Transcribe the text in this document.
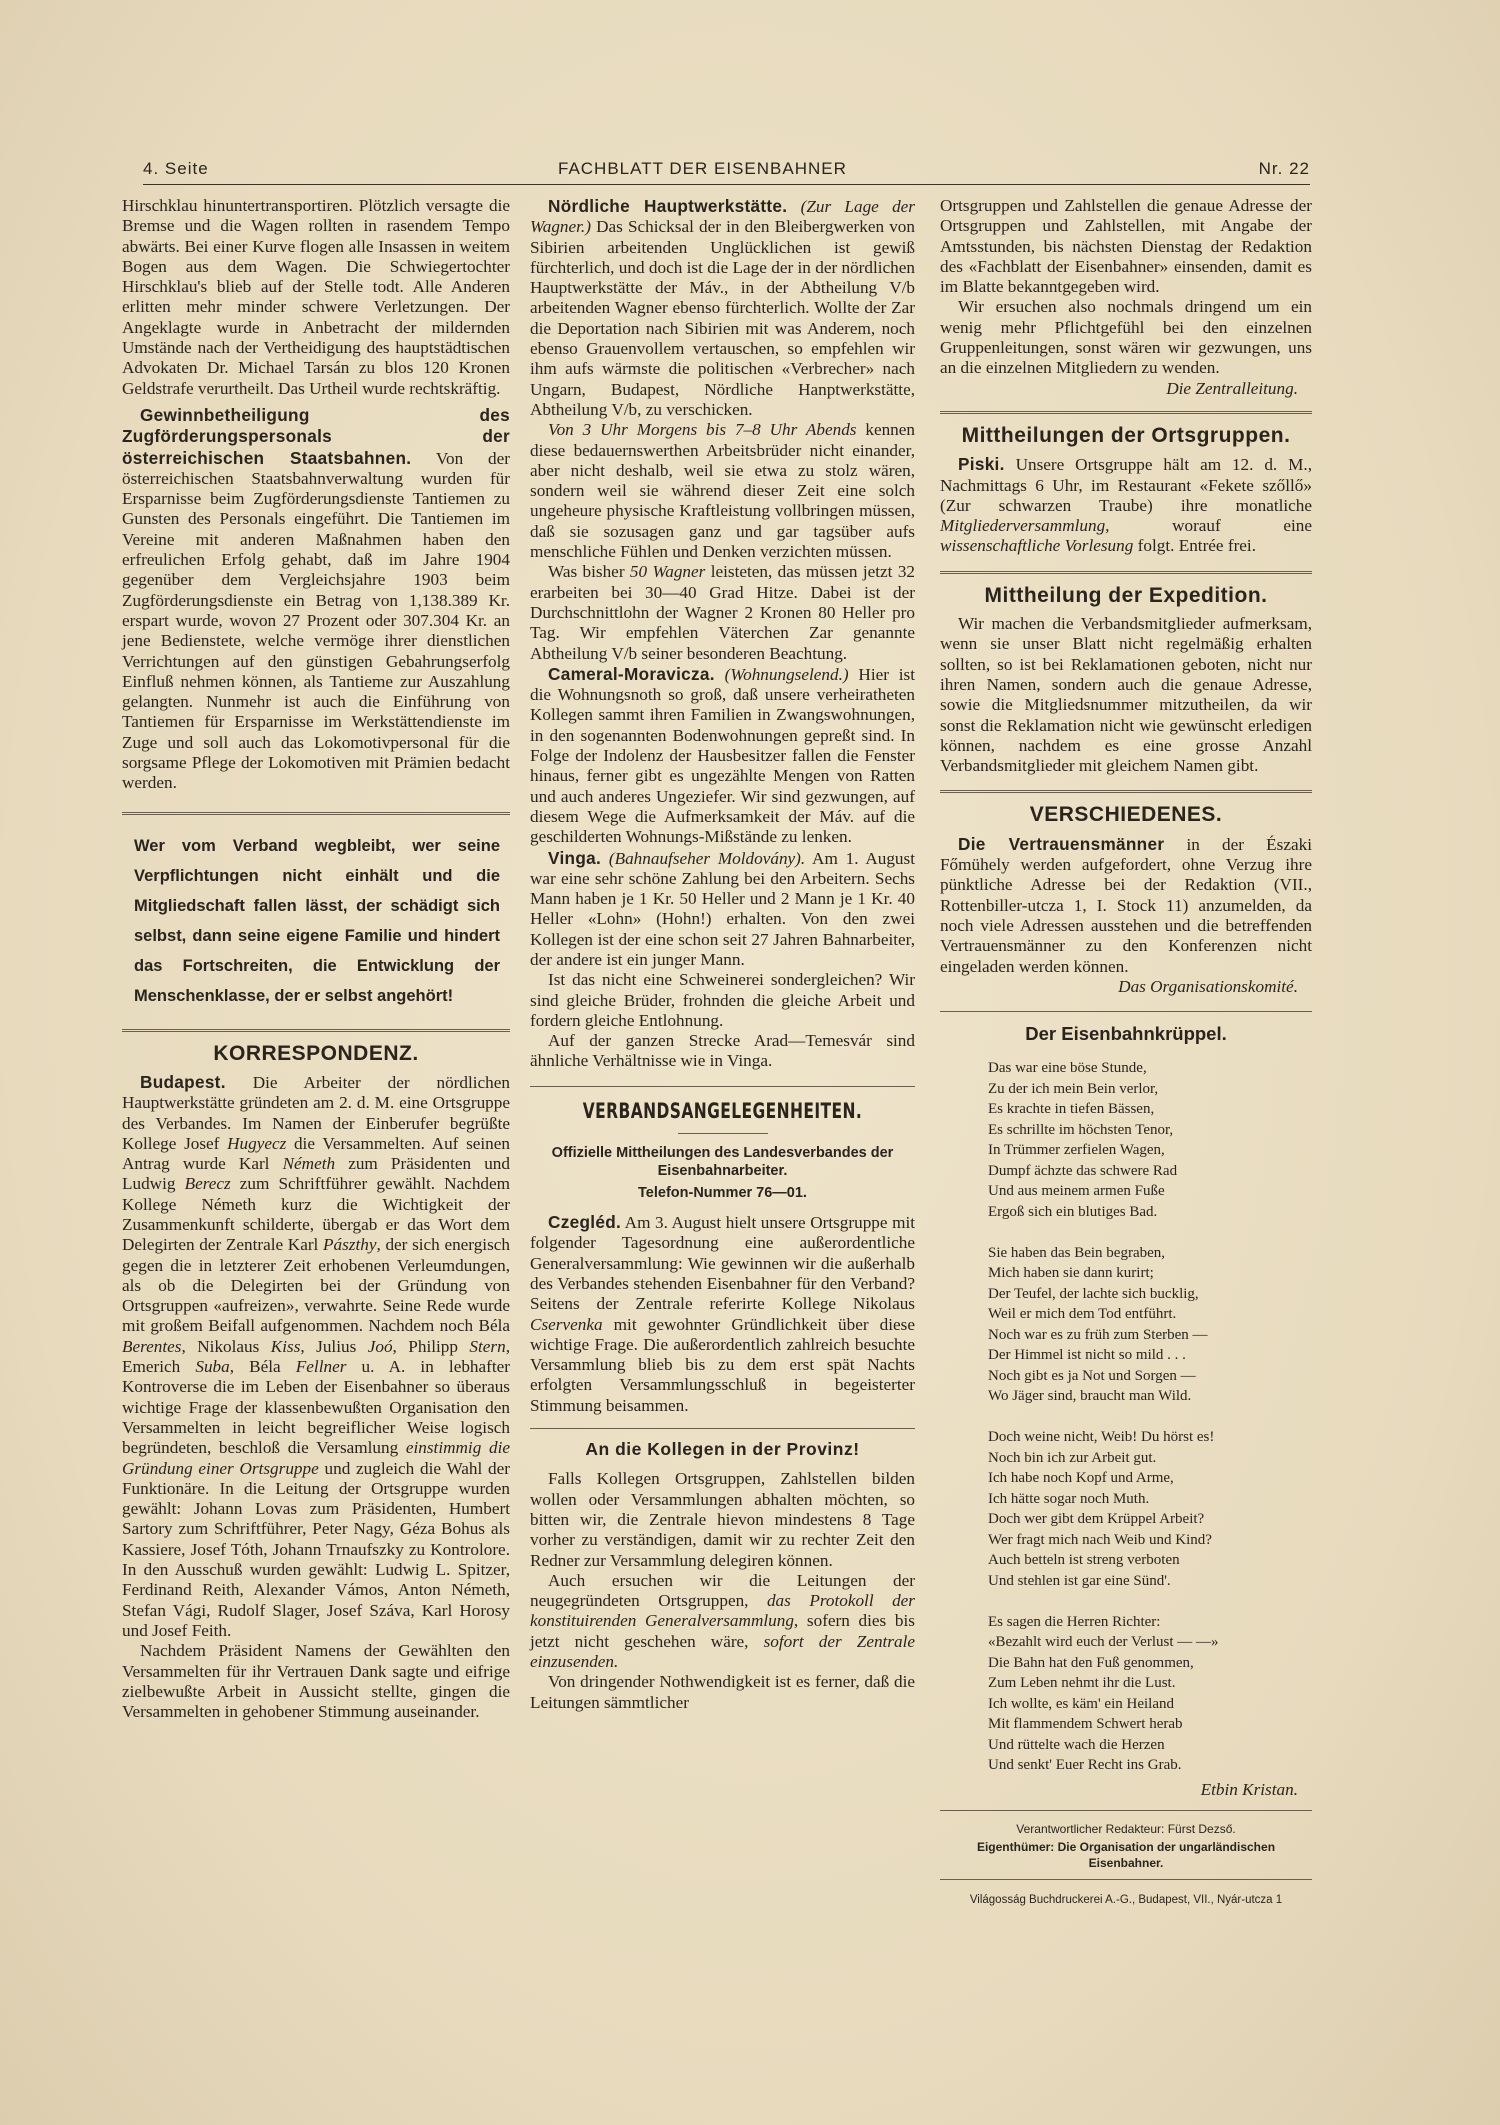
4. Seite	FACHBLATT DER EISENBAHNER	Nr. 22

Hirschklau hinuntertransportiren. Plötzlich versagte die Bremse und die Wagen rollten in rasendem Tempo abwärts. Bei einer Kurve flogen alle Insassen in weitem Bogen aus dem Wagen. Die Schwiegertochter Hirschklau's blieb auf der Stelle todt. Alle Anderen erlitten mehr minder schwere Verletzungen. Der Angeklagte wurde in Anbetracht der mildernden Umstände nach der Vertheidigung des hauptstädtischen Advokaten Dr. Michael Tarsán zu blos 120 Kronen Geldstrafe verurtheilt. Das Urtheil wurde rechtskräftig.

Gewinnbetheiligung des Zugförderungspersonals der österreichischen Staatsbahnen. Von der österreichischen Staatsbahnverwaltung wurden für Ersparnisse beim Zugförderungsdienste Tantiemen zu Gunsten des Personals eingeführt. Die Tantiemen im Vereine mit anderen Maßnahmen haben den erfreulichen Erfolg gehabt, daß im Jahre 1904 gegenüber dem Vergleichsjahre 1903 beim Zugförderungsdienste ein Betrag von 1,138.389 Kr. erspart wurde, wovon 27 Prozent oder 307.304 Kr. an jene Bedienstete, welche vermöge ihrer dienstlichen Verrichtungen auf den günstigen Gebahrungserfolg Einfluß nehmen können, als Tantieme zur Auszahlung gelangten. Nunmehr ist auch die Einführung von Tantiemen für Ersparnisse im Werkstättendienste im Zuge und soll auch das Lokomotivpersonal für die sorgsame Pflege der Lokomotiven mit Prämien bedacht werden.

Wer vom Verband wegbleibt, wer seine Verpflichtungen nicht einhält und die Mitgliedschaft fallen lässt, der schädigt sich selbst, dann seine eigene Familie und hindert das Fortschreiten, die Entwicklung der Menschenklasse, der er selbst angehört!
KORRESPONDENZ.

Budapest. Die Arbeiter der nördlichen Hauptwerkstätte gründeten am 2. d. M. eine Ortsgruppe des Verbandes. Im Namen der Einberufer begrüßte Kollege Josef Hugyecz die Versammelten. Auf seinen Antrag wurde Karl Németh zum Präsidenten und Ludwig Berecz zum Schriftführer gewählt. Nachdem Kollege Németh kurz die Wichtigkeit der Zusammenkunft schilderte, übergab er das Wort dem Delegirten der Zentrale Karl Pászthy, der sich energisch gegen die in letzterer Zeit erhobenen Verleumdungen, als ob die Delegirten bei der Gründung von Ortsgruppen «aufreizen», verwahrte. Seine Rede wurde mit großem Beifall aufgenommen. Nachdem noch Béla Berentes, Nikolaus Kiss, Julius Joó, Philipp Stern, Emerich Suba, Béla Fellner u. A. in lebhafter Kontroverse die im Leben der Eisenbahner so überaus wichtige Frage der klassenbewußten Organisation den Versammelten in leicht begreiflicher Weise logisch begründeten, beschloß die Versamlung einstimmig die Gründung einer Ortsgruppe und zugleich die Wahl der Funktionäre. In die Leitung der Ortsgruppe wurden gewählt: Johann Lovas zum Präsidenten, Humbert Sartory zum Schriftführer, Peter Nagy, Géza Bohus als Kassiere, Josef Tóth, Johann Trnaufszky zu Kontrolore. In den Ausschuß wurden gewählt: Ludwig L. Spitzer, Ferdinand Reith, Alexander Vámos, Anton Németh, Stefan Vági, Rudolf Slager, Josef Száva, Karl Horosy und Josef Feith.

Nachdem Präsident Namens der Gewählten den Versammelten für ihr Vertrauen Dank sagte und eifrige zielbewußte Arbeit in Aussicht stellte, gingen die Versammelten in gehobener Stimmung auseinander.

Nördliche Hauptwerkstätte. (Zur Lage der Wagner.) Das Schicksal der in den Bleibergwerken von Sibirien arbeitenden Unglücklichen ist gewiß fürchterlich, und doch ist die Lage der in der nördlichen Hauptwerkstätte der Máv., in der Abtheilung V/b arbeitenden Wagner ebenso fürchterlich. Wollte der Zar die Deportation nach Sibirien mit was Anderem, noch ebenso Grauenvollem vertauschen, so empfehlen wir ihm aufs wärmste die politischen «Verbrecher» nach Ungarn, Budapest, Nördliche Hanptwerkstätte, Abtheilung V/b, zu verschicken.

Von 3 Uhr Morgens bis 7–8 Uhr Abends kennen diese bedauernswerthen Arbeitsbrüder nicht einander, aber nicht deshalb, weil sie etwa zu stolz wären, sondern weil sie während dieser Zeit eine solch ungeheure physische Kraftleistung vollbringen müssen, daß sie sozusagen ganz und gar tagsüber aufs menschliche Fühlen und Denken verzichten müssen.

Was bisher 50 Wagner leisteten, das müssen jetzt 32 erarbeiten bei 30—40 Grad Hitze. Dabei ist der Durchschnittlohn der Wagner 2 Kronen 80 Heller pro Tag. Wir empfehlen Väterchen Zar genannte Abtheilung V/b seiner besonderen Beachtung.

Cameral-Moravicza. (Wohnungselend.) Hier ist die Wohnungsnoth so groß, daß unsere verheiratheten Kollegen sammt ihren Familien in Zwangswohnungen, in den sogenannten Bodenwohnungen gepreßt sind. In Folge der Indolenz der Hausbesitzer fallen die Fenster hinaus, ferner gibt es ungezählte Mengen von Ratten und auch anderes Ungeziefer. Wir sind gezwungen, auf diesem Wege die Aufmerksamkeit der Máv. auf die geschilderten Wohnungs-Mißstände zu lenken.

Vinga. (Bahnaufseher Moldovány). Am 1. August war eine sehr schöne Zahlung bei den Arbeitern. Sechs Mann haben je 1 Kr. 50 Heller und 2 Mann je 1 Kr. 40 Heller «Lohn» (Hohn!) erhalten. Von den zwei Kollegen ist der eine schon seit 27 Jahren Bahnarbeiter, der andere ist ein junger Mann.

Ist das nicht eine Schweinerei sondergleichen? Wir sind gleiche Brüder, frohnden die gleiche Arbeit und fordern gleiche Entlohnung.

Auf der ganzen Strecke Arad—Temesvár sind ähnliche Verhältnisse wie in Vinga.

VERBANDSANGELEGENHEITEN.
Offizielle Mittheilungen des Landesverbandes der Eisenbahnarbeiter.
Telefon-Nummer 76—01.

Czegléd. Am 3. August hielt unsere Ortsgruppe mit folgender Tagesordnung eine außerordentliche Generalversammlung: Wie gewinnen wir die außerhalb des Verbandes stehenden Eisenbahner für den Verband? Seitens der Zentrale referirte Kollege Nikolaus Cservenka mit gewohnter Gründlichkeit über diese wichtige Frage. Die außerordentlich zahlreich besuchte Versammlung blieb bis zu dem erst spät Nachts erfolgten Versammlungsschluß in begeisterter Stimmung beisammen.

An die Kollegen in der Provinz!

Falls Kollegen Ortsgruppen, Zahlstellen bilden wollen oder Versammlungen abhalten möchten, so bitten wir, die Zentrale hievon mindestens 8 Tage vorher zu verständigen, damit wir zu rechter Zeit den Redner zur Versammlung delegiren können.

Auch ersuchen wir die Leitungen der neugegründeten Ortsgruppen, das Protokoll der konstituirenden Generalversammlung, sofern dies bis jetzt nicht geschehen wäre, sofort der Zentrale einzusenden.

Von dringender Nothwendigkeit ist es ferner, daß die Leitungen sämmtlicher

Ortsgruppen und Zahlstellen die genaue Adresse der Ortsgruppen und Zahlstellen, mit Angabe der Amtsstunden, bis nächsten Dienstag der Redaktion des «Fachblatt der Eisenbahner» einsenden, damit es im Blatte bekanntgegeben wird.

Wir ersuchen also nochmals dringend um ein wenig mehr Pflichtgefühl bei den einzelnen Gruppenleitungen, sonst wären wir gezwungen, uns an die einzelnen Mitgliedern zu wenden.

Die Zentralleitung.
Mittheilungen der Ortsgruppen.

Piski. Unsere Ortsgruppe hält am 12. d. M., Nachmittags 6 Uhr, im Restaurant «Fekete szőllő» (Zur schwarzen Traube) ihre monatliche Mitgliederversammlung, worauf eine wissenschaftliche Vorlesung folgt. Entrée frei.

Mittheilung der Expedition.

Wir machen die Verbandsmitglieder aufmerksam, wenn sie unser Blatt nicht regelmäßig erhalten sollten, so ist bei Reklamationen geboten, nicht nur ihren Namen, sondern auch die genaue Adresse, sowie die Mitgliedsnummer mitzutheilen, da wir sonst die Reklamation nicht wie gewünscht erledigen können, nachdem es eine grosse Anzahl Verbandsmitglieder mit gleichem Namen gibt.

VERSCHIEDENES.

Die Vertrauensmänner in der Északi Főmühely werden aufgefordert, ohne Verzug ihre pünktliche Adresse bei der Redaktion (VII., Rottenbiller-utcza 1, I. Stock 11) anzumelden, da noch viele Adressen ausstehen und die betreffenden Vertrauensmänner zu den Konferenzen nicht eingeladen werden können.

Das Organisationskomité.
Der Eisenbahnkrüppel.
Das war eine böse Stunde,
Zu der ich mein Bein verlor,
Es krachte in tiefen Bässen,
Es schrillte im höchsten Tenor,
In Trümmer zerfielen Wagen,
Dumpf ächzte das schwere Rad
Und aus meinem armen Fuße
Ergoß sich ein blutiges Bad.
Sie haben das Bein begraben,
Mich haben sie dann kurirt;
Der Teufel, der lachte sich bucklig,
Weil er mich dem Tod entführt.
Noch war es zu früh zum Sterben —
Der Himmel ist nicht so mild . . .
Noch gibt es ja Not und Sorgen —
Wo Jäger sind, braucht man Wild.
Doch weine nicht, Weib! Du hörst es!
Noch bin ich zur Arbeit gut.
Ich habe noch Kopf und Arme,
Ich hätte sogar noch Muth.
Doch wer gibt dem Krüppel Arbeit?
Wer fragt mich nach Weib und Kind?
Auch betteln ist streng verboten
Und stehlen ist gar eine Sünd'.
Es sagen die Herren Richter:
«Bezahlt wird euch der Verlust — —»
Die Bahn hat den Fuß genommen,
Zum Leben nehmt ihr die Lust.
Ich wollte, es käm' ein Heiland
Mit flammendem Schwert herab
Und rüttelte wach die Herzen
Und senkt' Euer Recht ins Grab.
Etbin Kristan.
Verantwortlicher Redakteur: Fürst Dezső.
Eigenthümer: Die Organisation der ungarländischen Eisenbahner.
Világosság Buchdruckerei A.-G., Budapest, VII., Nyár-utcza 1
